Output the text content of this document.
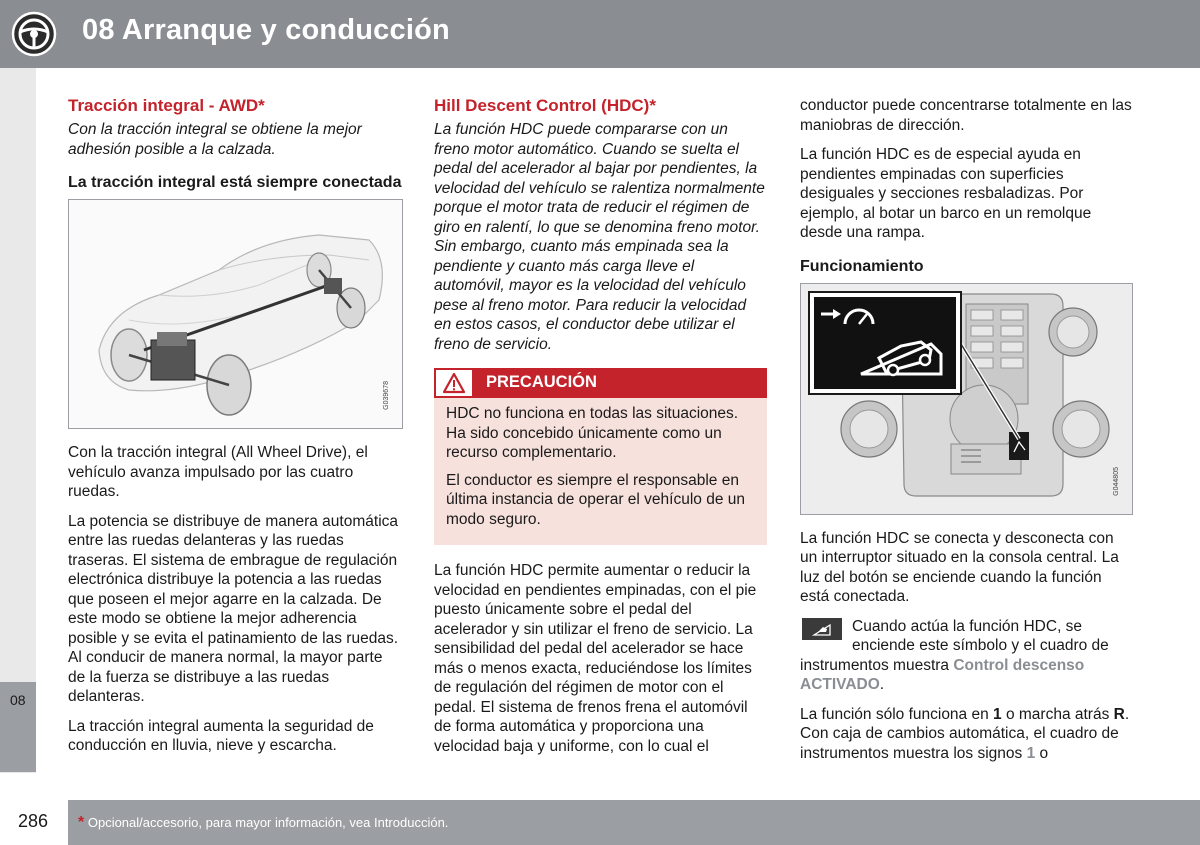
08 Arranque y conducción
08
Tracción integral - AWD*
Con la tracción integral se obtiene la mejor adhesión posible a la calzada.
La tracción integral está siempre conectada
G039678

Con la tracción integral (All Wheel Drive), el vehículo avanza impulsado por las cuatro ruedas.

La potencia se distribuye de manera automática entre las ruedas delanteras y las ruedas traseras. El sistema de embrague de regulación electrónica distribuye la potencia a las ruedas que poseen el mejor agarre en la calzada. De este modo se obtiene la mejor adherencia posible y se evita el patinamiento de las ruedas. Al conducir de manera normal, la mayor parte de la fuerza se distribuye a las ruedas delanteras.

La tracción integral aumenta la seguridad de conducción en lluvia, nieve y escarcha.

Hill Descent Control (HDC)*
La función HDC puede compararse con un freno motor automático. Cuando se suelta el pedal del acelerador al bajar por pendientes, la velocidad del vehículo se ralentiza normalmente porque el motor trata de reducir el régimen de giro en ralentí, lo que se denomina freno motor. Sin embargo, cuanto más empinada sea la pendiente y cuanto más carga lleve el automóvil, mayor es la velocidad del vehículo pese al freno motor. Para reducir la velocidad en estos casos, el conductor debe utilizar el freno de servicio.
PRECAUCIÓN

HDC no funciona en todas las situaciones. Ha sido concebido únicamente como un recurso complementario.

El conductor es siempre el responsable en última instancia de operar el vehículo de un modo seguro.

La función HDC permite aumentar o reducir la velocidad en pendientes empinadas, con el pie puesto únicamente sobre el pedal del acelerador y sin utilizar el freno de servicio. La sensibilidad del pedal del acelerador se hace más o menos exacta, reduciéndose los límites de regulación del régimen de motor con el pedal. El sistema de frenos frena el automóvil de forma automática y proporciona una velocidad baja y uniforme, con lo cual el

conductor puede concentrarse totalmente en las maniobras de dirección.

La función HDC es de especial ayuda en pendientes empinadas con superficies desiguales y secciones resbaladizas. Por ejemplo, al botar un barco en un remolque desde una rampa.

Funcionamiento
G044805

La función HDC se conecta y desconecta con un interruptor situado en la consola central. La luz del botón se enciende cuando la función está conectada.

Cuando actúa la función HDC, se enciende este símbolo y el cuadro de instrumentos muestra Control descenso ACTIVADO.

La función sólo funciona en 1 o marcha atrás R. Con caja de cambios automática, el cuadro de instrumentos muestra los signos 1 o

286 * Opcional/accesorio, para mayor información, vea Introducción.
